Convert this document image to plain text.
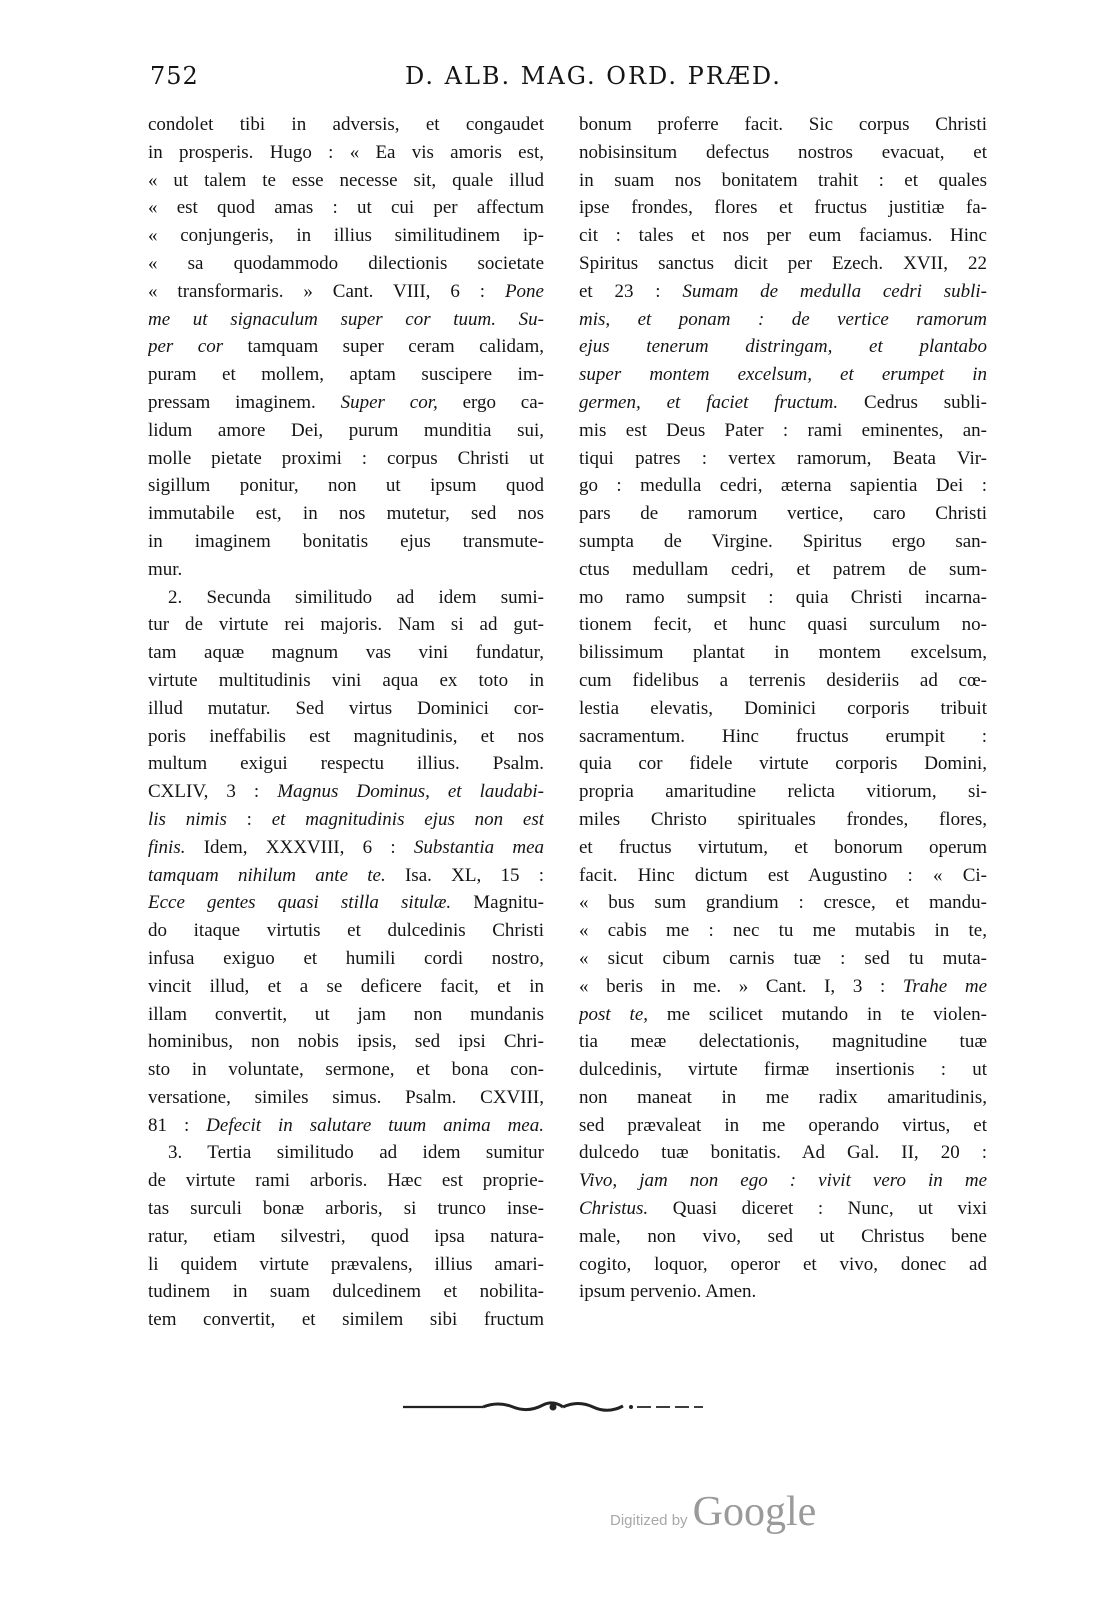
752	D. ALB. MAG. ORD. PRÆD.
condolet tibi in adversis, et congaudet
in prosperis. Hugo : « Ea vis amoris est,
« ut talem te esse necesse sit, quale illud
« est quod amas : ut cui per affectum
« conjungeris, in illius similitudinem ip-
« sa quodammodo dilectionis societate
« transformaris. » Cant. VIII, 6 : Pone
me ut signaculum super cor tuum. Su-
per cor tamquam super ceram calidam,
puram et mollem, aptam suscipere im-
pressam imaginem. Super cor, ergo ca-
lidum amore Dei, purum munditia sui,
molle pietate proximi : corpus Christi ut
sigillum ponitur, non ut ipsum quod
immutabile est, in nos mutetur, sed nos
in imaginem bonitatis ejus transmute-
mur.
2. Secunda similitudo ad idem sumi-
tur de virtute rei majoris. Nam si ad gut-
tam aquæ magnum vas vini fundatur,
virtute multitudinis vini aqua ex toto in
illud mutatur. Sed virtus Dominici cor-
poris ineffabilis est magnitudinis, et nos
multum exigui respectu illius. Psalm.
CXLIV, 3 : Magnus Dominus, et laudabi-
lis nimis : et magnitudinis ejus non est
finis. Idem, XXXVIII, 6 : Substantia mea
tamquam nihilum ante te. Isa. XL, 15 :
Ecce gentes quasi stilla situlæ. Magnitu-
do itaque virtutis et dulcedinis Christi
infusa exiguo et humili cordi nostro,
vincit illud, et a se deficere facit, et in
illam convertit, ut jam non mundanis
hominibus, non nobis ipsis, sed ipsi Chri-
sto in voluntate, sermone, et bona con-
versatione, similes simus. Psalm. CXVIII,
81 : Defecit in salutare tuum anima mea.
3. Tertia similitudo ad idem sumitur
de virtute rami arboris. Hæc est proprie-
tas surculi bonæ arboris, si trunco inse-
ratur, etiam silvestri, quod ipsa natura-
li quidem virtute prævalens, illius amari-
tudinem in suam dulcedinem et nobilita-
tem convertit, et similem sibi fructum
bonum proferre facit. Sic corpus Christi
nobisinsitum defectus nostros evacuat, et
in suam nos bonitatem trahit : et quales
ipse frondes, flores et fructus justitiæ fa-
cit : tales et nos per eum faciamus. Hinc
Spiritus sanctus dicit per Ezech. XVII, 22
et 23 : Sumam de medulla cedri subli-
mis, et ponam : de vertice ramorum
ejus tenerum distringam, et plantabo
super montem excelsum, et erumpet in
germen, et faciet fructum. Cedrus subli-
mis est Deus Pater : rami eminentes, an-
tiqui patres : vertex ramorum, Beata Vir-
go : medulla cedri, æterna sapientia Dei :
pars de ramorum vertice, caro Christi
sumpta de Virgine. Spiritus ergo san-
ctus medullam cedri, et patrem de sum-
mo ramo sumpsit : quia Christi incarna-
tionem fecit, et hunc quasi surculum no-
bilissimum plantat in montem excelsum,
cum fidelibus a terrenis desideriis ad cœ-
lestia elevatis, Dominici corporis tribuit
sacramentum. Hinc fructus erumpit :
quia cor fidele virtute corporis Domini,
propria amaritudine relicta vitiorum, si-
miles Christo spirituales frondes, flores,
et fructus virtutum, et bonorum operum
facit. Hinc dictum est Augustino : « Ci-
« bus sum grandium : cresce, et mandu-
« cabis me : nec tu me mutabis in te,
« sicut cibum carnis tuæ : sed tu muta-
« beris in me. » Cant. I, 3 : Trahe me
post te, me scilicet mutando in te violen-
tia meæ delectationis, magnitudine tuæ
dulcedinis, virtute firmæ insertionis : ut
non maneat in me radix amaritudinis,
sed prævaleat in me operando virtus, et
dulcedo tuæ bonitatis. Ad Gal. II, 20 :
Vivo, jam non ego : vivit vero in me
Christus. Quasi diceret : Nunc, ut vixi
male, non vivo, sed ut Christus bene
cogito, loquor, operor et vivo, donec ad
ipsum pervenio. Amen.
Digitized by Google
